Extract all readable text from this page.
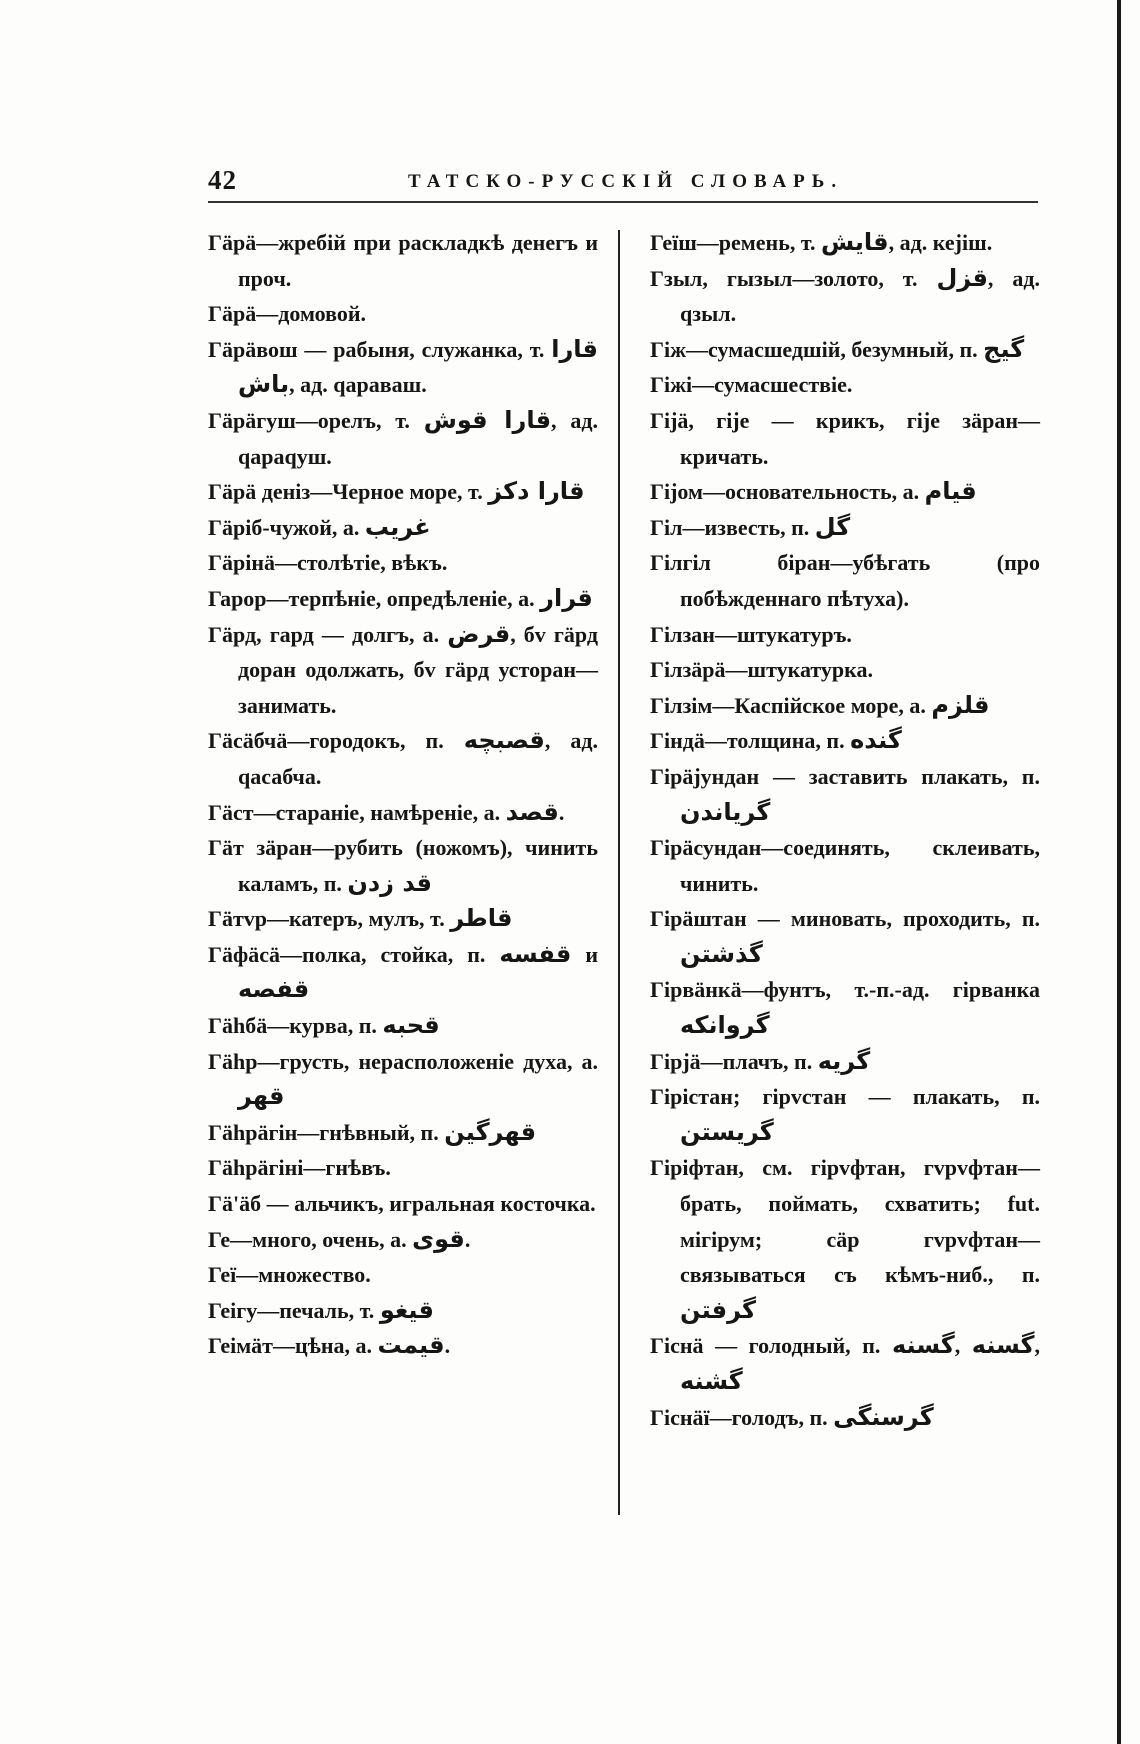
42	ТАТСКО-РУССКІЙ СЛОВАРЬ.
Гäрä—жребій при раскладкѣ денегъ и проч.
Гäрä—домовой.
Гäрäвош — рабыня, служанка, т. قارا باش, ад. qараваш.
Гäрäгуш—орелъ, т. قارا قوش, ад. qараqуш.
Гäрä деніз—Черное море, т. قارا دكز
Гäріб-чужой, а. غريب
Гäрінä—столѣтіе, вѣкъ.
Гарор—терпѣніе, опредѣленіе, а. قرار
Гäрд, гард — долгъ, а. قرض, бv гäрд доран одолжать, бv гäрд усторан—занимать.
Гäсäбчä—городокъ, п. قصبچه, ад. qасабча.
Гäст—стараніе, намѣреніе, а. قصد.
Гäт зäран—рубить (ножомъ), чинить каламъ, п. قد زدن
Гäтvр—катеръ, мулъ, т. قاطر
Гäфäсä—полка, стойка, п. قفسه и قفصه
Гähбä—курва, п. قحبه
Гähр—грусть, нерасположеніе духа, а. قهر
Гähрäгін—гнѣвный, п. قهرگين
Гähрäгіні—гнѣвъ.
Гä'äб — альчикъ, игральная косточка.
Ге—много, очень, а. قوى.
Геї—множество.
Геігу—печаль, т. قيغو
Геімäт—цѣна, а. قيمت.
Геїш—ремень, т. قايش, ад. кејіш.
Гзыл, гызыл—золото, т. قزل, ад. qзыл.
Гіж—сумасшедшій, безумный, п. گيج
Гіжі—сумасшествіе.
Гіјä, гіје — крикъ, гіје зäран— кричать.
Гіјом—основательность, а. قيام
Гіл—известь, п. گل
Гілгіл біран—убѣгать (про побѣжденнаго пѣтуха).
Гілзан—штукатуръ.
Гілзäрä—штукатурка.
Гілзім—Каспійское море, а. قلزم
Гіндä—толщина, п. گنده
Гірäјундан — заставить плакать, п. گرياندن
Гірäсундан—соединять, склеивать, чинить.
Гірäштан — миновать, проходить, п. گذشتن
Гірвäнкä—фунтъ, т.-п.-ад. гірванка گروانكه
Гірјä—плачъ, п. گريه
Гірістан; гірvстан — плакать, п. گريستن
Гіріфтан, см. гірvфтан, гvрvфтан— брать, поймать, схватить; fut. мігірум; сäр гvрvфтан—связываться съ кѣмъ-ниб., п. گرفتن
Гіснä — голодный, п. گسنه, گسنه, گشنه
Гіснäї—голодъ, п. گرسنگی
